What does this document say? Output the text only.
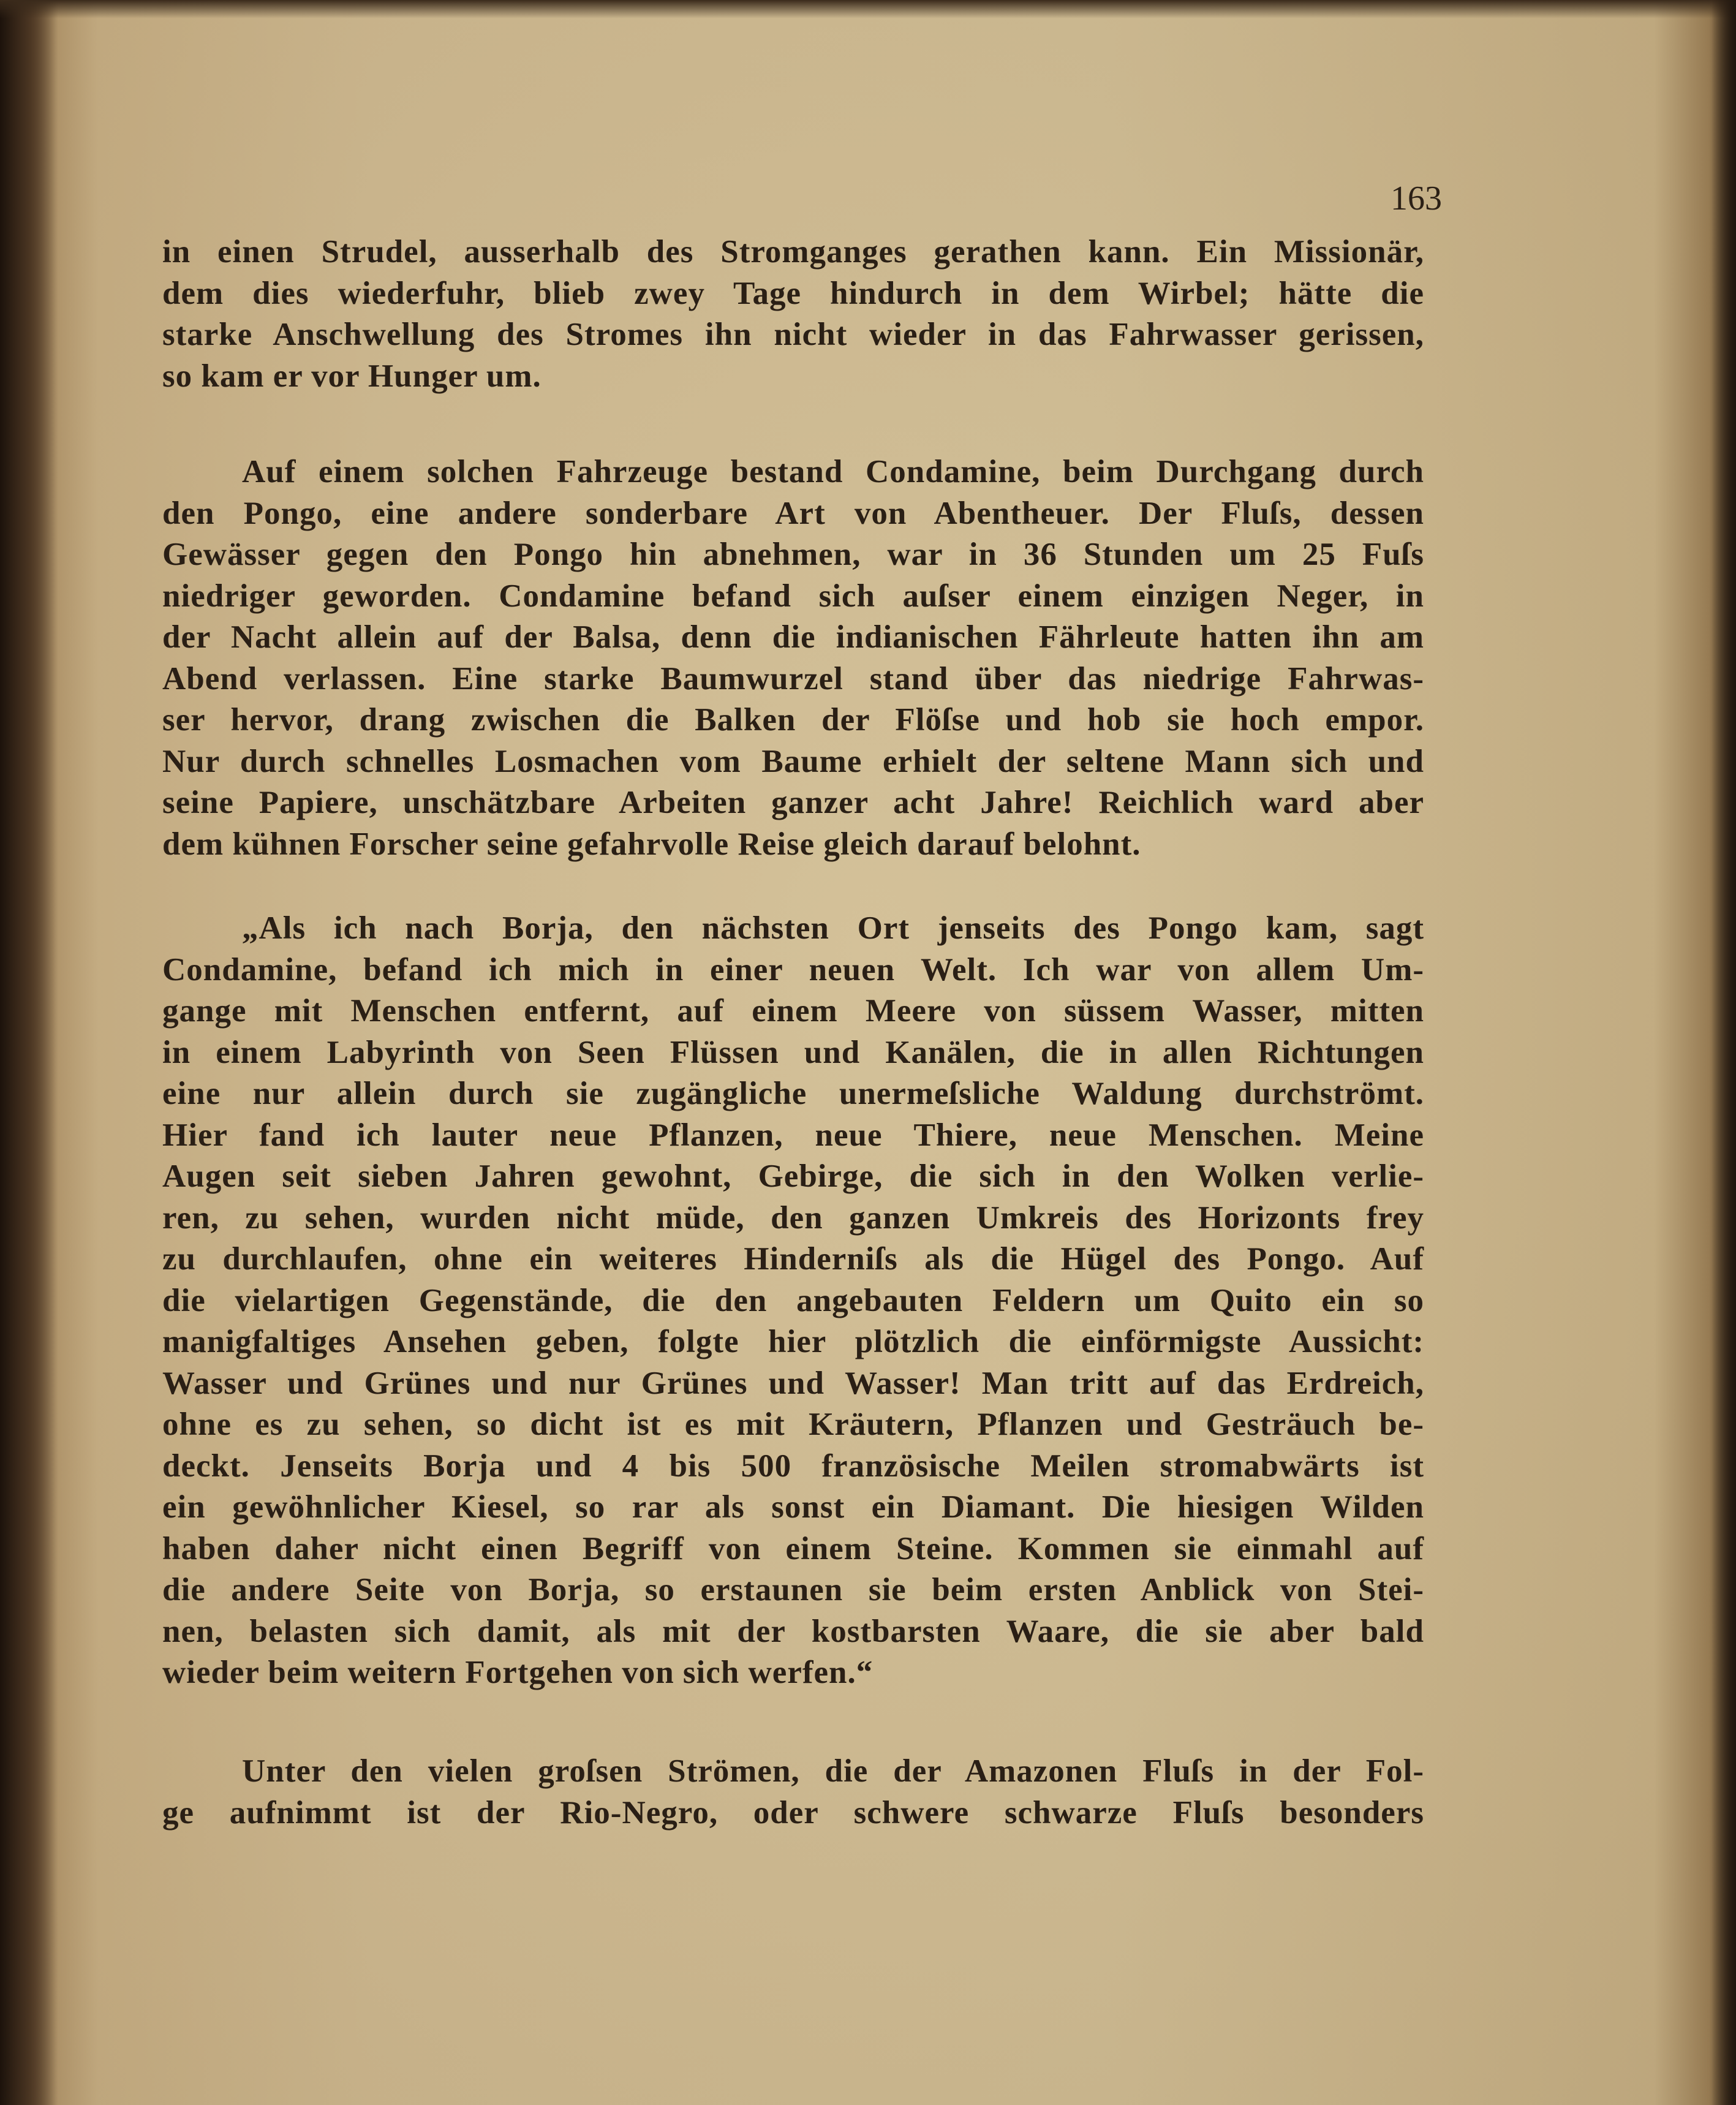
163
in einen Strudel, ausserhalb des Stromganges gerathen kann. Ein Missionär,
dem dies wiederfuhr, blieb zwey Tage hindurch in dem Wirbel; hätte die
starke Anschwellung des Stromes ihn nicht wieder in das Fahrwasser gerissen,
so kam er vor Hunger um.
Auf einem solchen Fahrzeuge bestand Condamine, beim Durchgang durch
den Pongo, eine andere sonderbare Art von Abentheuer. Der Fluſs, dessen
Gewässer gegen den Pongo hin abnehmen, war in 36 Stunden um 25 Fuſs
niedriger geworden. Condamine befand sich auſser einem einzigen Neger, in
der Nacht allein auf der Balsa, denn die indianischen Fährleute hatten ihn am
Abend verlassen. Eine starke Baumwurzel stand über das niedrige Fahrwas-
ser hervor, drang zwischen die Balken der Flöſse und hob sie hoch empor.
Nur durch schnelles Losmachen vom Baume erhielt der seltene Mann sich und
seine Papiere, unschätzbare Arbeiten ganzer acht Jahre! Reichlich ward aber
dem kühnen Forscher seine gefahrvolle Reise gleich darauf belohnt.
„Als ich nach Borja, den nächsten Ort jenseits des Pongo kam, sagt
Condamine, befand ich mich in einer neuen Welt. Ich war von allem Um-
gange mit Menschen entfernt, auf einem Meere von süssem Wasser, mitten
in einem Labyrinth von Seen Flüssen und Kanälen, die in allen Richtungen
eine nur allein durch sie zugängliche unermeſsliche Waldung durchströmt.
Hier fand ich lauter neue Pflanzen, neue Thiere, neue Menschen. Meine
Augen seit sieben Jahren gewohnt, Gebirge, die sich in den Wolken verlie-
ren, zu sehen, wurden nicht müde, den ganzen Umkreis des Horizonts frey
zu durchlaufen, ohne ein weiteres Hinderniſs als die Hügel des Pongo. Auf
die vielartigen Gegenstände, die den angebauten Feldern um Quito ein so
manigfaltiges Ansehen geben, folgte hier plötzlich die einförmigste Aussicht:
Wasser und Grünes und nur Grünes und Wasser! Man tritt auf das Erdreich,
ohne es zu sehen, so dicht ist es mit Kräutern, Pflanzen und Gesträuch be-
deckt. Jenseits Borja und 4 bis 500 französische Meilen stromabwärts ist
ein gewöhnlicher Kiesel, so rar als sonst ein Diamant. Die hiesigen Wilden
haben daher nicht einen Begriff von einem Steine. Kommen sie einmahl auf
die andere Seite von Borja, so erstaunen sie beim ersten Anblick von Stei-
nen, belasten sich damit, als mit der kostbarsten Waare, die sie aber bald
wieder beim weitern Fortgehen von sich werfen.“
Unter den vielen groſsen Strömen, die der Amazonen Fluſs in der Fol-
ge aufnimmt ist der Rio-Negro, oder schwere schwarze Fluſs besonders
